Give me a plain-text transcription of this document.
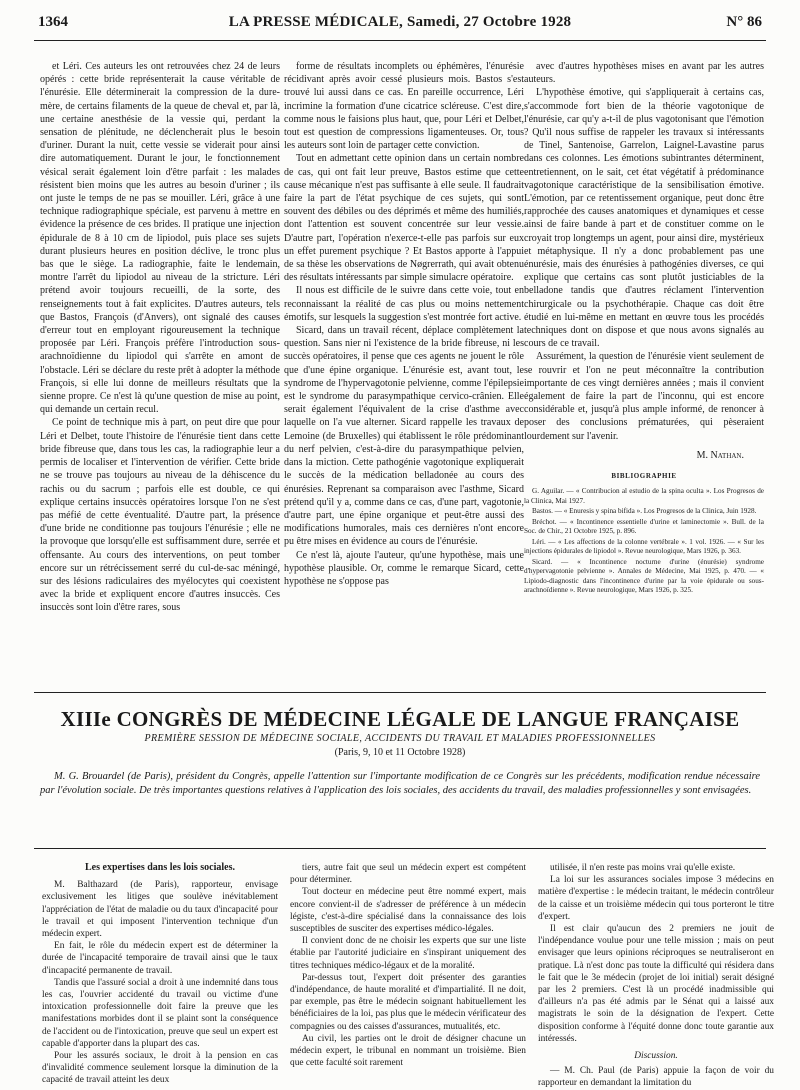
1364	LA PRESSE MÉDICALE, Samedi, 27 Octobre 1928	N° 86

et Léri. Ces auteurs les ont retrouvées chez 24 de leurs opérés : cette bride représenterait la cause véritable de l'énurésie. Elle déterminerait la compression de la dure-mère, de certains filaments de la queue de cheval et, par là, une certaine anesthésie de la vessie qui, perdant la sensation de plénitude, ne déclencherait plus le besoin d'uriner. Durant la nuit, cette vessie se viderait pour ainsi dire automatiquement. Durant le jour, le fonctionnement vésical serait également loin d'être parfait : les malades résistent bien moins que les autres au besoin d'uriner ; ils ont juste le temps de ne pas se mouiller. Léri, grâce à une technique radiographique spéciale, est parvenu à mettre en évidence la présence de ces brides. Il pratique une injection épidurale de 8 à 10 cm de lipiodol, puis place ses sujets durant plusieurs heures en position déclive, le tronc plus bas que le siège. La radiographie, faite le lendemain, montre l'arrêt du lipiodol au niveau de la stricture. Léri prétend avoir toujours recueilli, de la sorte, des renseignements tout à fait explicites. D'autres auteurs, tels que Bastos, François (d'Anvers), ont signalé des causes d'erreur tout en employant rigoureusement la technique proposée par Léri. François préfère l'introduction sous-arachnoïdienne du lipiodol qui s'arrête en amont de l'obstacle. Léri se déclare du reste prêt à adopter la méthode François, si elle lui donne de meilleurs résultats que la sienne propre. Ce n'est là qu'une question de mise au point, qui demande un certain recul.

Ce point de technique mis à part, on peut dire que pour Léri et Delbet, toute l'histoire de l'énurésie tient dans cette bride fibreuse que, dans tous les cas, la radiographie leur a permis de localiser et l'intervention de vérifier. Cette bride ne se trouve pas toujours au niveau de la déhiscence du rachis ou du sacrum ; parfois elle est double, ce qui explique certains insuccès opératoires lorsque l'on ne s'est pas méfié de cette éventualité. D'autre part, la présence d'une bride ne conditionne pas toujours l'énurésie ; elle ne la provoque que lorsqu'elle est suffisamment dure, serrée et offensante. Au cours des interventions, on peut tomber encore sur un rétrécissement serré du cul-de-sac méningé, sur des lésions radiculaires des myélocytes qui coexistent avec la bride et expliquent encore d'autres insuccès. Ces insuccès sont loin d'être rares, sous

forme de résultats incomplets ou éphémères, l'énurésie récidivant après avoir cessé plusieurs mois. Bastos s'est trouvé lui aussi dans ce cas. En pareille occurrence, Léri incrimine la formation d'une cicatrice scléreuse. C'est dire, comme nous le faisions plus haut, que, pour Léri et Delbet, tout est question de compressions ligamenteuses. Or, tous les auteurs sont loin de partager cette conviction.

Tout en admettant cette opinion dans un certain nombre de cas, qui ont fait leur preuve, Bastos estime que cette cause mécanique n'est pas suffisante à elle seule. Il faudrait faire la part de l'état psychique de ces sujets, qui sont souvent des débiles ou des déprimés et même des humiliés, dont l'attention est souvent concentrée sur leur vessie. D'autre part, l'opération n'exerce-t-elle pas parfois sur eux un effet purement psychique ? Et Bastos apporte à l'appui de sa thèse les observations de Nøgrerrath, qui avait obtenu des résultats intéressants par simple simulacre opératoire.

Il nous est difficile de le suivre dans cette voie, tout en reconnaissant la réalité de cas plus ou moins nettement émotifs, sur lesquels la suggestion s'est montrée fort active.

Sicard, dans un travail récent, déplace complètement la question. Sans nier ni l'existence de la bride fibreuse, ni les succès opératoires, il pense que ces agents ne jouent le rôle que d'une épine organique. L'énurésie est, avant tout, le syndrome de l'hypervagotonie pelvienne, comme l'épilepsie est le syndrome du parasympathique cervico-crânien. Elle serait également l'équivalent de la crise d'asthme avec laquelle on l'a vue alterner. Sicard rappelle les travaux de Lemoine (de Bruxelles) qui établissent le rôle prédominant du nerf pelvien, c'est-à-dire du parasympathique pelvien, dans la miction. Cette pathogénie vagotonique expliquerait le succès de la médication belladonée au cours des énurésies. Reprenant sa comparaison avec l'asthme, Sicard prétend qu'il y a, comme dans ce cas, d'une part, vagotonie, d'autre part, une épine organique et peut-être aussi des modifications humorales, mais ces dernières n'ont encore pu être mises en évidence au cours de l'énurésie.

Ce n'est là, ajoute l'auteur, qu'une hypothèse, mais une hypothèse plausible. Or, comme le remarque Sicard, cette hypothèse ne s'oppose pas

avec d'autres hypothèses mises en avant par les autres auteurs.

L'hypothèse émotive, qui s'appliquerait à certains cas, s'accommode fort bien de la théorie vagotonique de l'énurésie, car qu'y a-t-il de plus vagotonisant que l'émotion ? Qu'il nous suffise de rappeler les travaux si intéressants de Tinel, Santenoise, Garrelon, Laignel-Lavastine parus dans ces colonnes. Les émotions subintrantes déterminent, entretiennent, on le sait, cet état végétatif à prédominance vagotonique caractéristique de la sensibilisation émotive. L'émotion, par ce retentissement organique, peut donc être rapprochée des causes anatomiques et dynamiques et cesse ainsi de faire bande à part et de constituer comme on le croyait trop longtemps un agent, pour ainsi dire, mystérieux et métaphysique. Il n'y a donc probablement pas une énurésie, mais des énurésies à pathogénies diverses, ce qui explique que certains cas sont plutôt justiciables de la belladone tandis que d'autres réclament l'intervention chirurgicale ou la psychothérapie. Chaque cas doit être étudié en lui-même en mettant en œuvre tous les procédés techniques dont on dispose et que nous avons signalés au cours de ce travail.

Assurément, la question de l'énurésie vient seulement de se rouvrir et l'on ne peut méconnaître la contribution importante de ces vingt dernières années ; mais il convient également de faire la part de l'inconnu, qui est encore considérable et, jusqu'à plus ample informé, de renoncer à poser des conclusions prématurées, qui pèseraient lourdement sur l'avenir.

M. Nathan.

BIBLIOGRAPHIE

G. Aguilar. — « Contribucion al estudio de la spina oculta ». Los Progresos de la Clinica, Mai 1927.

Bastos. — « Enuresis y spina bifida ». Los Progresos de la Clinica, Juin 1928.

Bréchot. — « Incontinence essentielle d'urine et laminectomie ». Bull. de la Soc. de Chir., 21 Octobre 1925, p. 896.

Léri. — « Les affections de la colonne vertébrale ». 1 vol. 1926. — « Sur les injections épidurales de lipiodol ». Revue neurologique, Mars 1926, p. 363.

Sicard. — « Incontinence nocturne d'urine (énurésie) syndrome d'hypervagotonie pelvienne ». Annales de Médecine, Mai 1925, p. 470. — « Lipiodo-diagnostic dans l'incontinence d'urine par la voie épidurale ou sous-arachnoïdienne ». Revue neurologique, Mars 1926, p. 325.

XIIIe CONGRÈS DE MÉDECINE LÉGALE DE LANGUE FRANÇAISE
PREMIÈRE SESSION DE MÉDECINE SOCIALE, ACCIDENTS DU TRAVAIL ET MALADIES PROFESSIONNELLES
(Paris, 9, 10 et 11 Octobre 1928)
M. G. Brouardel (de Paris), président du Congrès, appelle l'attention sur l'importante modification de ce Congrès sur les précédents, modification rendue nécessaire par l'évolution sociale. De très importantes questions relatives à l'application des lois sociales, des accidents du travail, des maladies professionnelles y sont envisagées.

Les expertises dans les lois sociales.

M. Balthazard (de Paris), rapporteur, envisage exclusivement les litiges que soulève inévitablement l'appréciation de l'état de maladie ou du taux d'incapacité pour le travail et qui imposent l'intervention technique d'un médecin expert.

En fait, le rôle du médecin expert est de déterminer la durée de l'incapacité temporaire de travail ainsi que le taux d'incapacité permanente de travail.

Tandis que l'assuré social a droit à une indemnité dans tous les cas, l'ouvrier accidenté du travail ou victime d'une intoxication professionnelle doit faire la preuve que les manifestations morbides dont il se plaint sont la conséquence de l'accident ou de l'intoxication, preuve que seul un expert est capable d'apporter dans la plupart des cas.

Pour les assurés sociaux, le droit à la pension en cas d'invalidité commence seulement lorsque la diminution de la capacité de travail atteint les deux

tiers, autre fait que seul un médecin expert est compétent pour déterminer.

Tout docteur en médecine peut être nommé expert, mais encore convient-il de s'adresser de préférence à un médecin légiste, c'est-à-dire spécialisé dans la connaissance des lois susceptibles de susciter des expertises médico-légales.

Il convient donc de ne choisir les experts que sur une liste établie par l'autorité judiciaire en s'inspirant uniquement des titres techniques médico-légaux et de la moralité.

Par-dessus tout, l'expert doit présenter des garanties d'indépendance, de haute moralité et d'impartialité. Il ne doit, par exemple, pas être le médecin soignant habituellement les bénéficiaires de la loi, pas plus que le médecin vérificateur des compagnies ou des caisses d'assurances, mutualités, etc.

Au civil, les parties ont le droit de désigner chacune un médecin expert, le tribunal en nommant un troisième. Bien que cette faculté soit rarement

utilisée, il n'en reste pas moins vrai qu'elle existe.

La loi sur les assurances sociales impose 3 médecins en matière d'expertise : le médecin traitant, le médecin contrôleur de la caisse et un troisième médecin qui tous porteront le titre d'expert.

Il est clair qu'aucun des 2 premiers ne jouit de l'indépendance voulue pour une telle mission ; mais on peut envisager que leurs opinions réciproques se neutraliseront en pratique. Là n'est donc pas toute la difficulté qui résidera dans le fait que le 3e médecin (projet de loi initial) serait désigné par les 2 premiers. C'est là un procédé inadmissible qui d'ailleurs n'a pas été admis par le Sénat qui a laissé aux magistrats le soin de la désignation de l'expert. Cette disposition conforme à l'équité donne donc toute garantie aux intéressés.

Discussion.

— M. Ch. Paul (de Paris) appuie la façon de voir du rapporteur en demandant la limitation du
